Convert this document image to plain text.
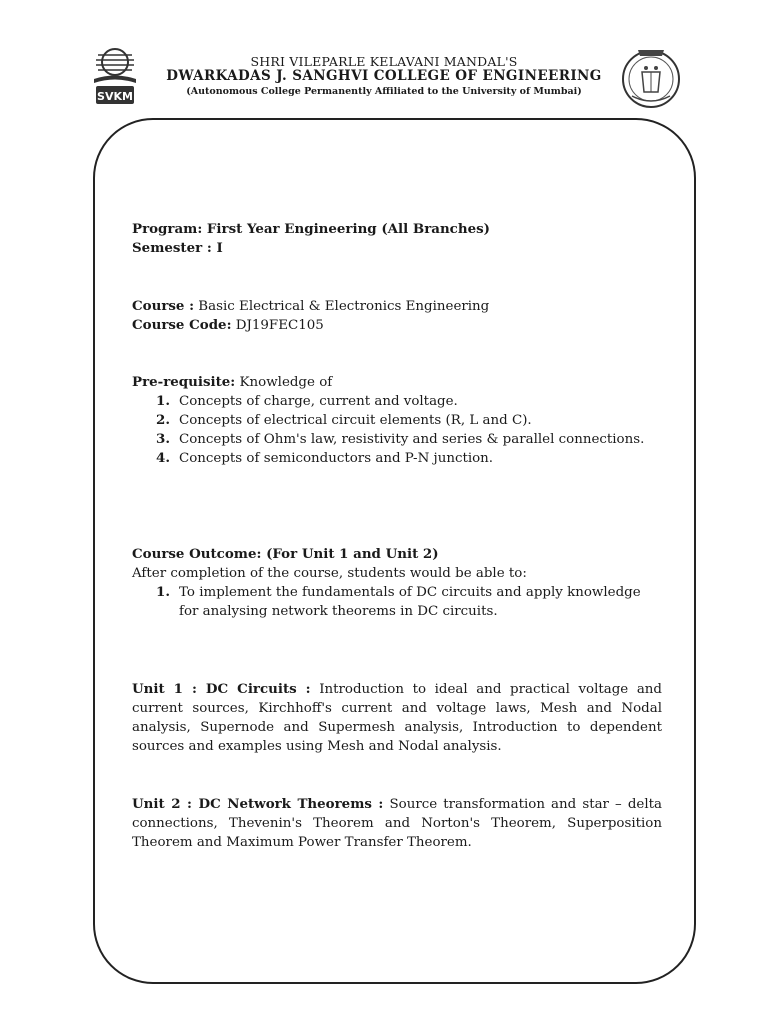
SVKM

SHRI VILEPARLE KELAVANI MANDAL'S

DWARKADAS J. SANGHVI COLLEGE OF ENGINEERING

(Autonomous College Permanently Affiliated to the University of Mumbai)

Program: First Year Engineering (All Branches)

Semester : I

Course : Basic Electrical & Electronics Engineering

Course Code: DJ19FEC105

Pre-requisite: Knowledge of

1. Concepts of charge, current and voltage.
2. Concepts of electrical circuit elements (R, L and C).
3. Concepts of Ohm's law, resistivity and series & parallel connections.
4. Concepts of semiconductors and P-N junction.

Course Outcome: (For Unit 1 and Unit 2)

After completion of the course, students would be able to:

1. To implement the fundamentals of DC circuits and apply knowledge for analysing network theorems in DC circuits.

Unit 1 : DC Circuits : Introduction to ideal and practical voltage and current sources, Kirchhoff's current and voltage laws, Mesh and Nodal analysis, Supernode and Supermesh analysis, Introduction to dependent sources and examples using Mesh and Nodal analysis.

Unit 2 : DC Network Theorems : Source transformation and star – delta connections, Thevenin's Theorem and Norton's Theorem, Superposition Theorem and Maximum Power Transfer Theorem.
